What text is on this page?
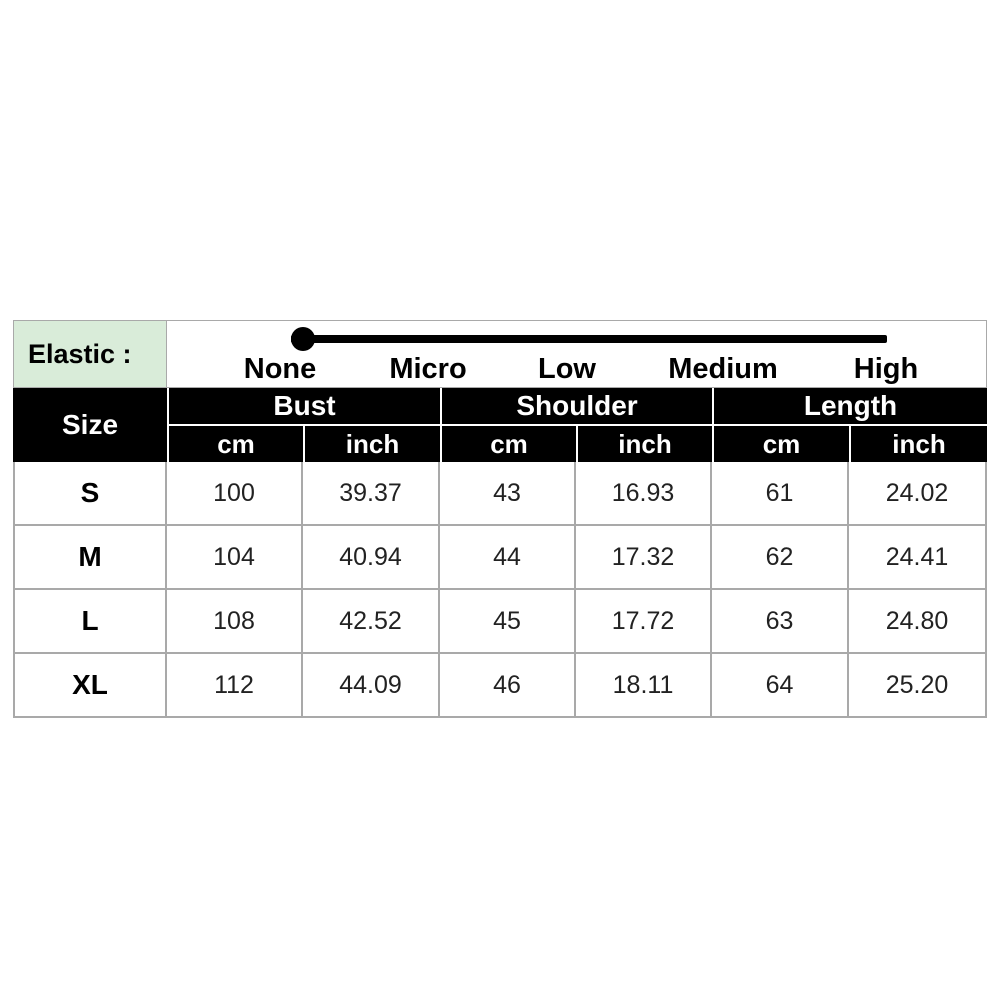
Elastic :	None	Micro Low Medium	High
Size
Bust	Shoulder	Length
cm	inch	cm	inch	cm	inch
S	100	39.37	43	16.93	61	24.02
M	104	40.94	44	17.32	62	24.41
L	108	42.52	45	17.72	63	24.80
XL	112	44.09	46	18.11	64	25.20
